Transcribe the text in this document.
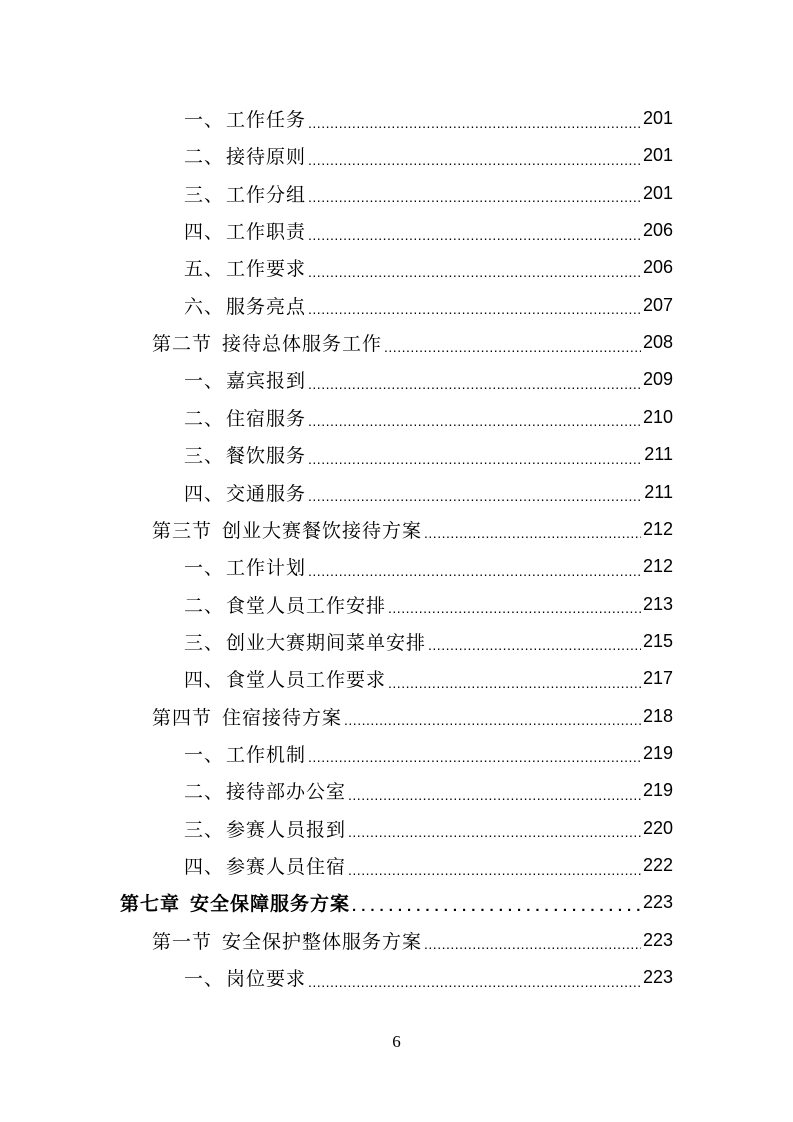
一、 工作任务 .....	201
二、 接待原则 .....	201
三、 工作分组 .....	201
四、 工作职责 .....	206
五、 工作要求 .....	206
六、 服务亮点 .....	207
第二节 接待总体服务工作 .....	208
一、 嘉宾报到 .....	209
二、 住宿服务 .....	210
三、 餐饮服务 .....	211
四、 交通服务 .....	211
第三节 创业大赛餐饮接待方案 .....	212
一、 工作计划 .....	212
二、 食堂人员工作安排 .....	213
三、 创业大赛期间菜单安排 .....	215
四、 食堂人员工作要求 .....	217
第四节 住宿接待方案 .....	218
一、 工作机制 .....	219
二、 接待部办公室 .....	219
三、 参赛人员报到 .....	220
四、 参赛人员住宿 .....	222
第七章 安全保障服务方案 .....	223
第一节 安全保护整体服务方案 .....	223
一、 岗位要求 .....	223
6
